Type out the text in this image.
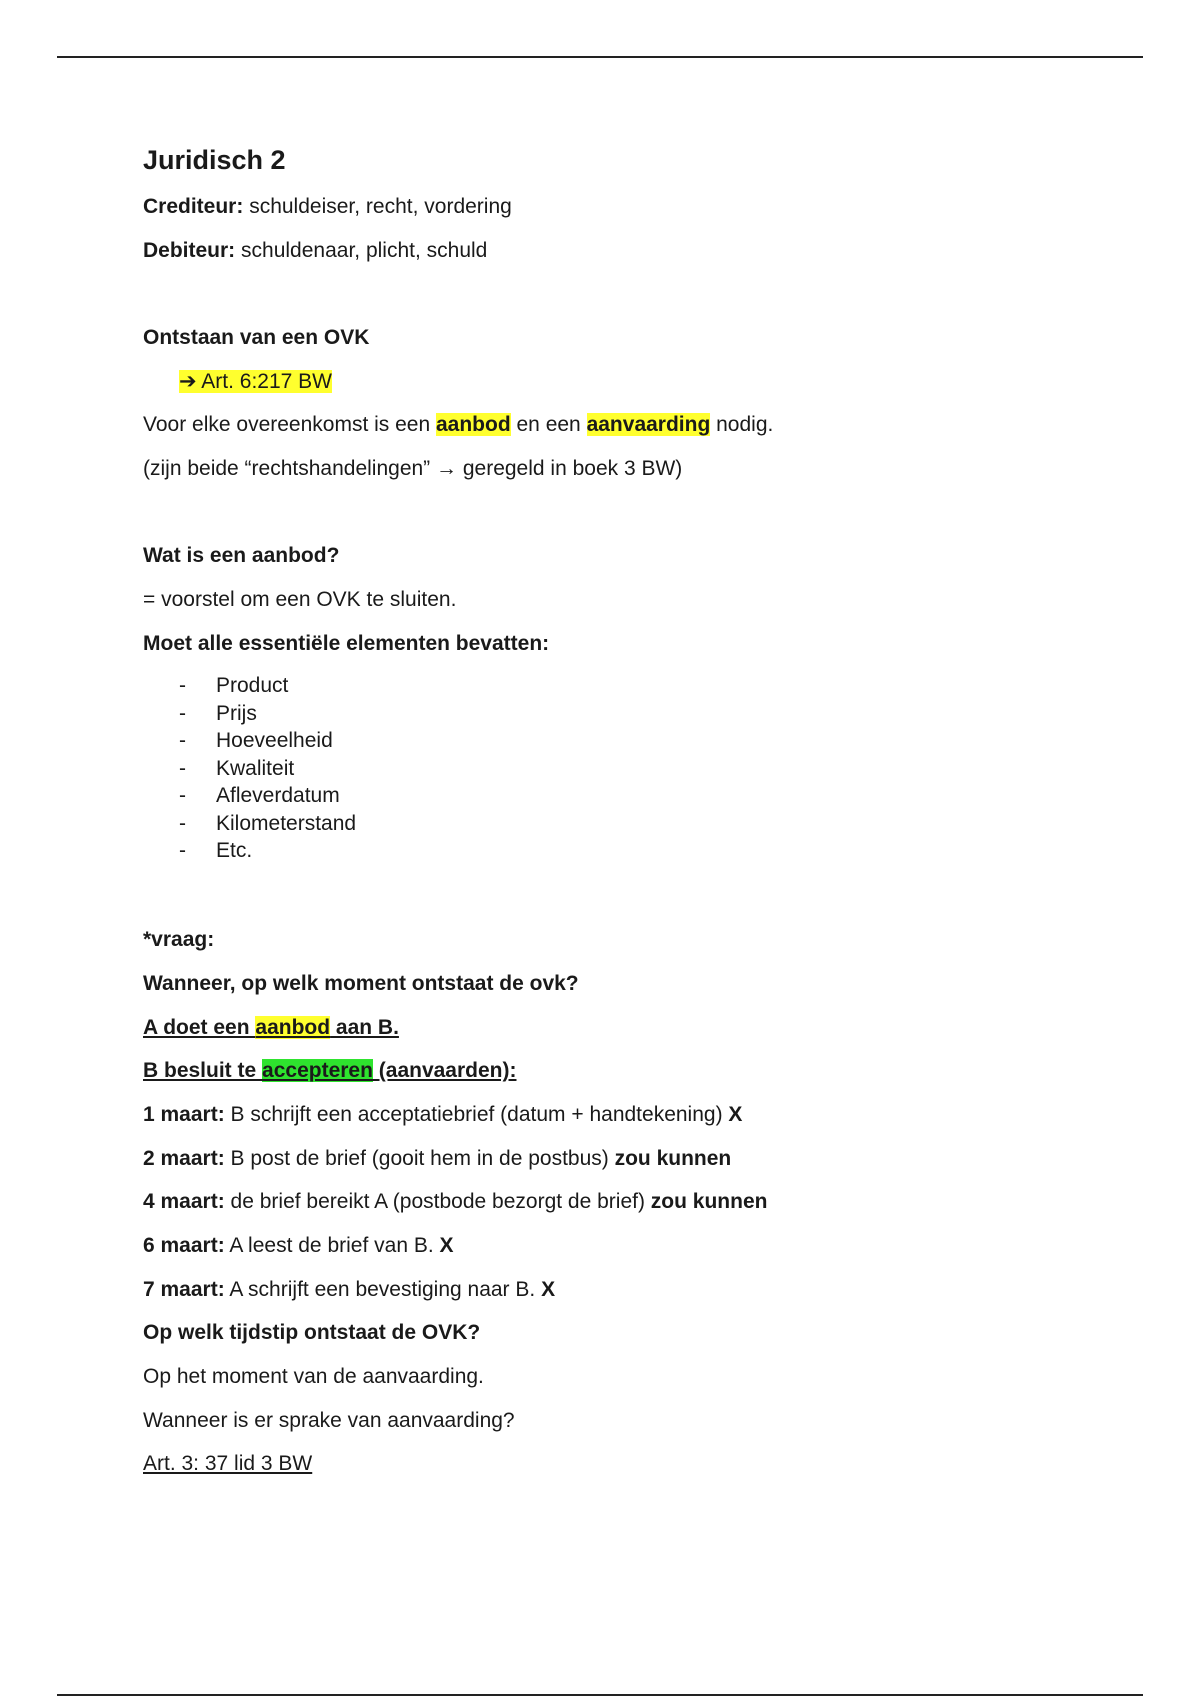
Juridisch 2
Crediteur: schuldeiser, recht, vordering
Debiteur: schuldenaar, plicht, schuld
Ontstaan van een OVK
➔ Art. 6:217 BW
Voor elke overeenkomst is een aanbod en een aanvaarding nodig.
(zijn beide “rechtshandelingen” → geregeld in boek 3 BW)
Wat is een aanbod?
= voorstel om een OVK te sluiten.
Moet alle essentiële elementen bevatten:
- Product
- Prijs
- Hoeveelheid
- Kwaliteit
- Afleverdatum
- Kilometerstand
- Etc.
*vraag:
Wanneer, op welk moment ontstaat de ovk?
A doet een aanbod aan B.
B besluit te accepteren (aanvaarden):
1 maart: B schrijft een acceptatiebrief (datum + handtekening) X
2 maart: B post de brief (gooit hem in de postbus) zou kunnen
4 maart: de brief bereikt A (postbode bezorgt de brief) zou kunnen
6 maart: A leest de brief van B. X
7 maart: A schrijft een bevestiging naar B. X
Op welk tijdstip ontstaat de OVK?
Op het moment van de aanvaarding.
Wanneer is er sprake van aanvaarding?
Art. 3: 37 lid 3 BW
